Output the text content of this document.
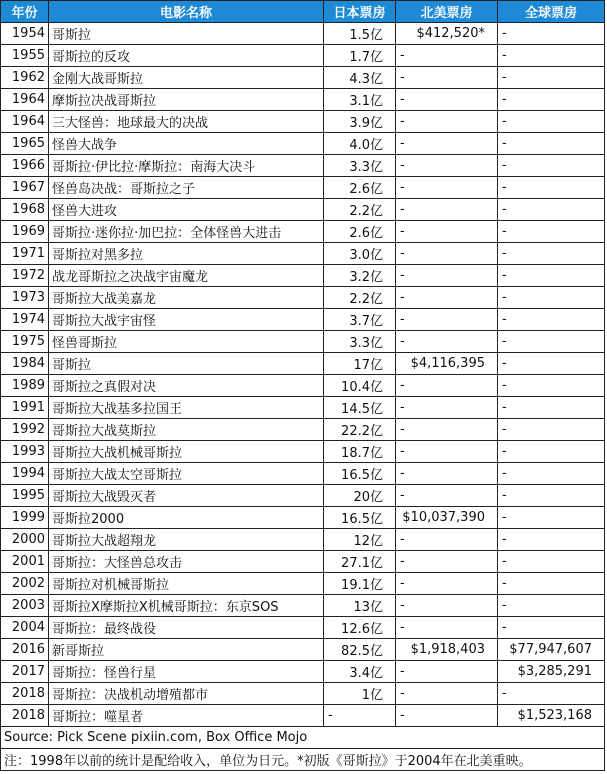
年份	电影名称	日本票房	北美票房	全球票房
1954	哥斯拉	1.5亿	$412,520*	-
1955	哥斯拉的反攻	1.7亿	-	-
1962	金刚大战哥斯拉	4.3亿	-	-
1964	摩斯拉决战哥斯拉	3.1亿	-	-
1964	三大怪兽：地球最大的决战	3.9亿	-	-
1965	怪兽大战争	4.0亿	-	-
1966	哥斯拉·伊比拉·摩斯拉：南海大决斗	3.3亿	-	-
1967	怪兽岛决战：哥斯拉之子	2.6亿	-	-
1968	怪兽大进攻	2.2亿	-	-
1969	哥斯拉·迷你拉·加巴拉：全体怪兽大进击	2.6亿	-	-
1971	哥斯拉对黑多拉	3.0亿	-	-
1972	战龙哥斯拉之决战宇宙魔龙	3.2亿	-	-
1973	哥斯拉大战美嘉龙	2.2亿	-	-
1974	哥斯拉大战宇宙怪	3.7亿	-	-
1975	怪兽哥斯拉	3.3亿	-	-
1984	哥斯拉	17亿	$4,116,395	-
1989	哥斯拉之真假对决	10.4亿	-	-
1991	哥斯拉大战基多拉国王	14.5亿	-	-
1992	哥斯拉大战莫斯拉	22.2亿	-	-
1993	哥斯拉大战机械哥斯拉	18.7亿	-	-
1994	哥斯拉大战太空哥斯拉	16.5亿	-	-
1995	哥斯拉大战毁灭者	20亿	-	-
1999	哥斯拉2000	16.5亿	$10,037,390	-
2000	哥斯拉大战超翔龙	12亿	-	-
2001	哥斯拉：大怪兽总攻击	27.1亿	-	-
2002	哥斯拉对机械哥斯拉	19.1亿	-	-
2003	哥斯拉X摩斯拉X机械哥斯拉：东京SOS	13亿	-	-
2004	哥斯拉：最终战役	12.6亿	-	-
2016	新哥斯拉	82.5亿	$1,918,403	$77,947,607
2017	哥斯拉：怪兽行星	3.4亿	-	$3,285,291
2018	哥斯拉：决战机动增殖都市	1亿	-	-
2018	哥斯拉：噬星者	-	-	$1,523,168
Source: Pick Scene pixiin.com, Box Office Mojo				
注：1998年以前的统计是配给收入，单位为日元。*初版《哥斯拉》于2004年在北美重映。				
